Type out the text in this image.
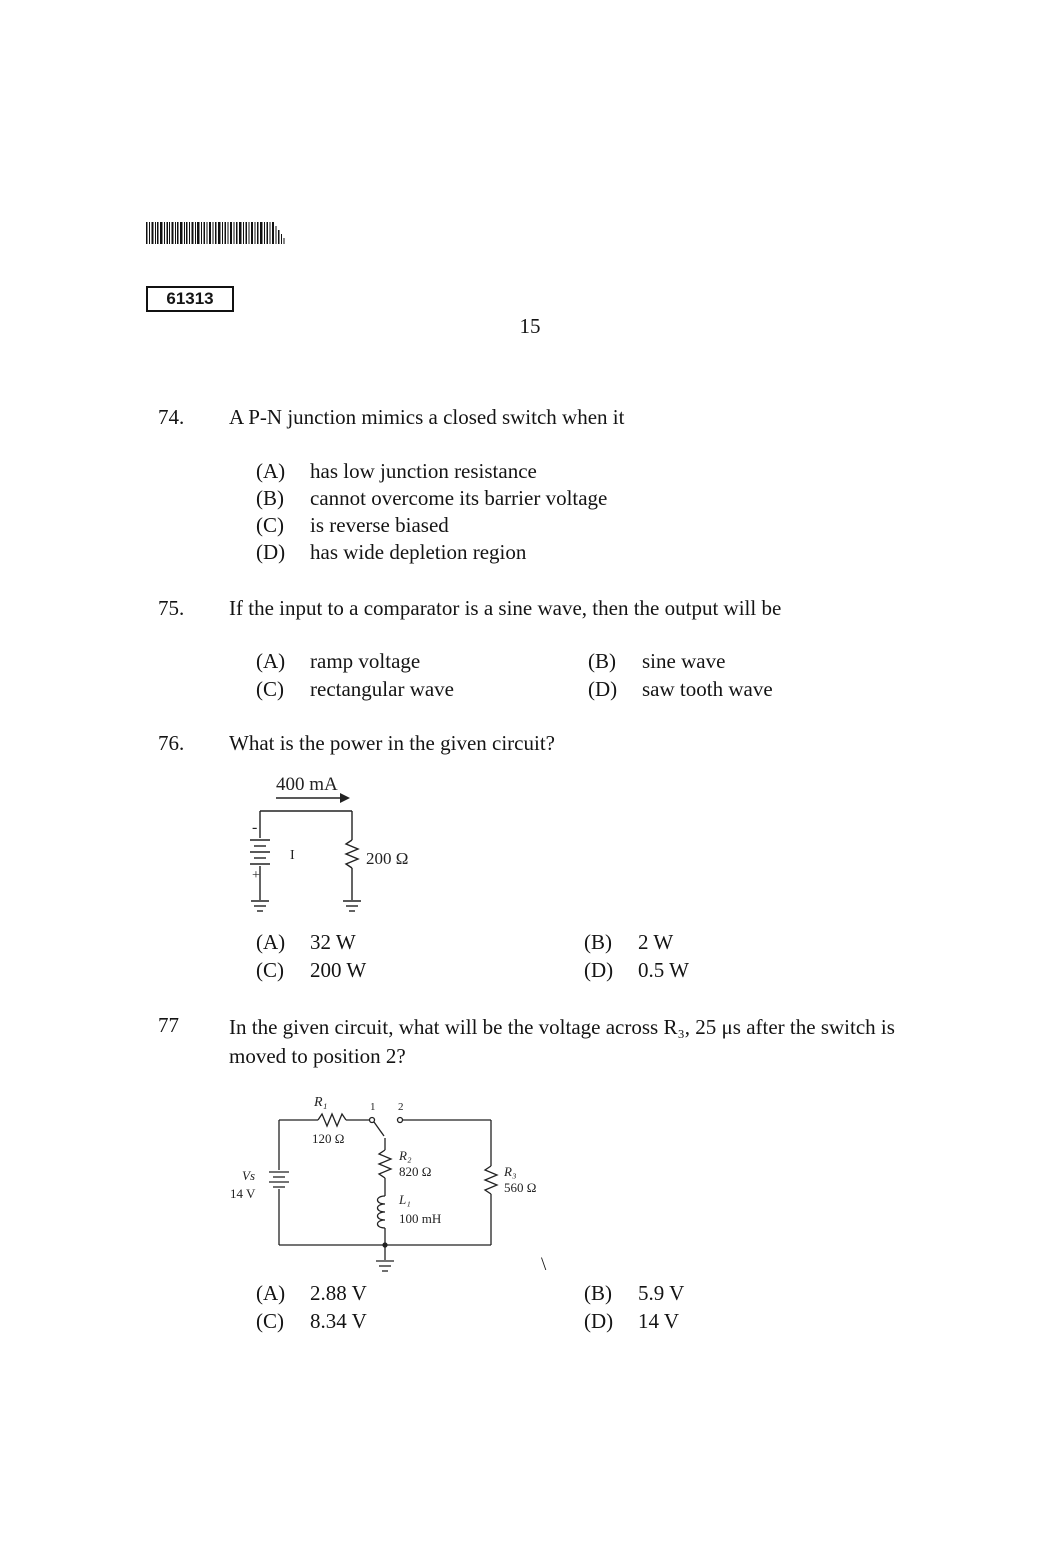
61313
15
74. A P-N junction mimics a closed switch when it
(A) has low junction resistance
(B) cannot overcome its barrier voltage
(C) is reverse biased
(D) has wide depletion region
75. If the input to a comparator is a sine wave, then the output will be
(A) ramp voltage	(B) sine wave
(C) rectangular wave	(D) saw tooth wave
76. What is the power in the given circuit?
400 mA
200 Ω
-
+
I
(A) 32 W	(B) 2 W
(C) 200 W	(D) 0.5 W
77 In the given circuit, what will be the voltage across R₃, 25 μs after the switch is moved to position 2?
R₁
120 Ω
1 2
R₂
820 Ω
L₁
100 mH
R₃
560 Ω
Vs
14 V
\
(A) 2.88 V	(B) 5.9 V
(C) 8.34 V	(D) 14 V
